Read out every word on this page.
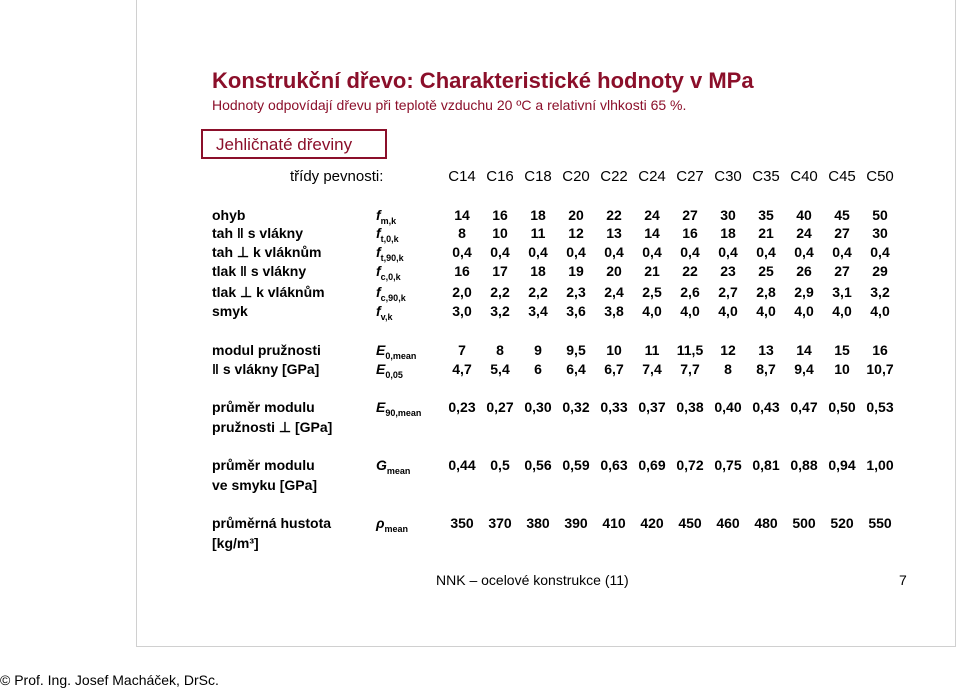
Konstrukční dřevo: Charakteristické hodnoty v MPa
Hodnoty odpovídají dřevu při teplotě vzduchu 20 ºC a relativní vlhkosti 65 %.
Jehličnaté dřeviny
třídy pevnosti:	C14 C16 C18 C20 C22 C24 C27 C30 C35 C40 C45 C50
ohyb	$f_{m,k}$	14	16	18	20	22	24	27	30	35	40	45	50
tah ǁ s vlákny	$f_{t,0,k}$	8	10	11	12	13	14	16	18	21	24	27	30
tah ⊥ k vláknům	$f_{t,90,k}$	0,4	0,4	0,4	0,4	0,4	0,4	0,4	0,4	0,4	0,4	0,4	0,4
tlak ǁ s vlákny	$f_{c,0,k}$	16	17	18	19	20	21	22	23	25	26	27	29
tlak ⊥ k vláknům	$f_{c,90,k}$	2,0	2,2	2,2	2,3	2,4	2,5	2,6	2,7	2,8	2,9	3,1	3,2
smyk	$f_{v,k}$	3,0	3,2	3,4	3,6	3,8	4,0	4,0	4,0	4,0	4,0	4,0	4,0
modul pružnosti	$E_{0,mean}$	7	8	9	9,5	10	11	11,5	12	13	14	15	16
ǁ s vlákny [GPa]	$E_{0,05}$	4,7	5,4	6	6,4	6,7	7,4	7,7	8	8,7	9,4	10	10,7
průměr modulu
pružnosti ⊥ [GPa]
$E_{90,mean}$	0,23 0,27 0,30 0,32 0,33 0,37 0,38 0,40 0,43 0,47 0,50 0,53
průměr modulu
ve smyku [GPa]
$G_{mean}$	0,44	0,5	0,56 0,59 0,63 0,69 0,72 0,75 0,81 0,88 0,94 1,00
průměrná hustota
[kg/m³]
$\rho_{mean}$	350	370	380	390	410	420	450	460	480	500	520	550
NNK – ocelové konstrukce (11)	7
© Prof. Ing. Josef Macháček, DrSc.
